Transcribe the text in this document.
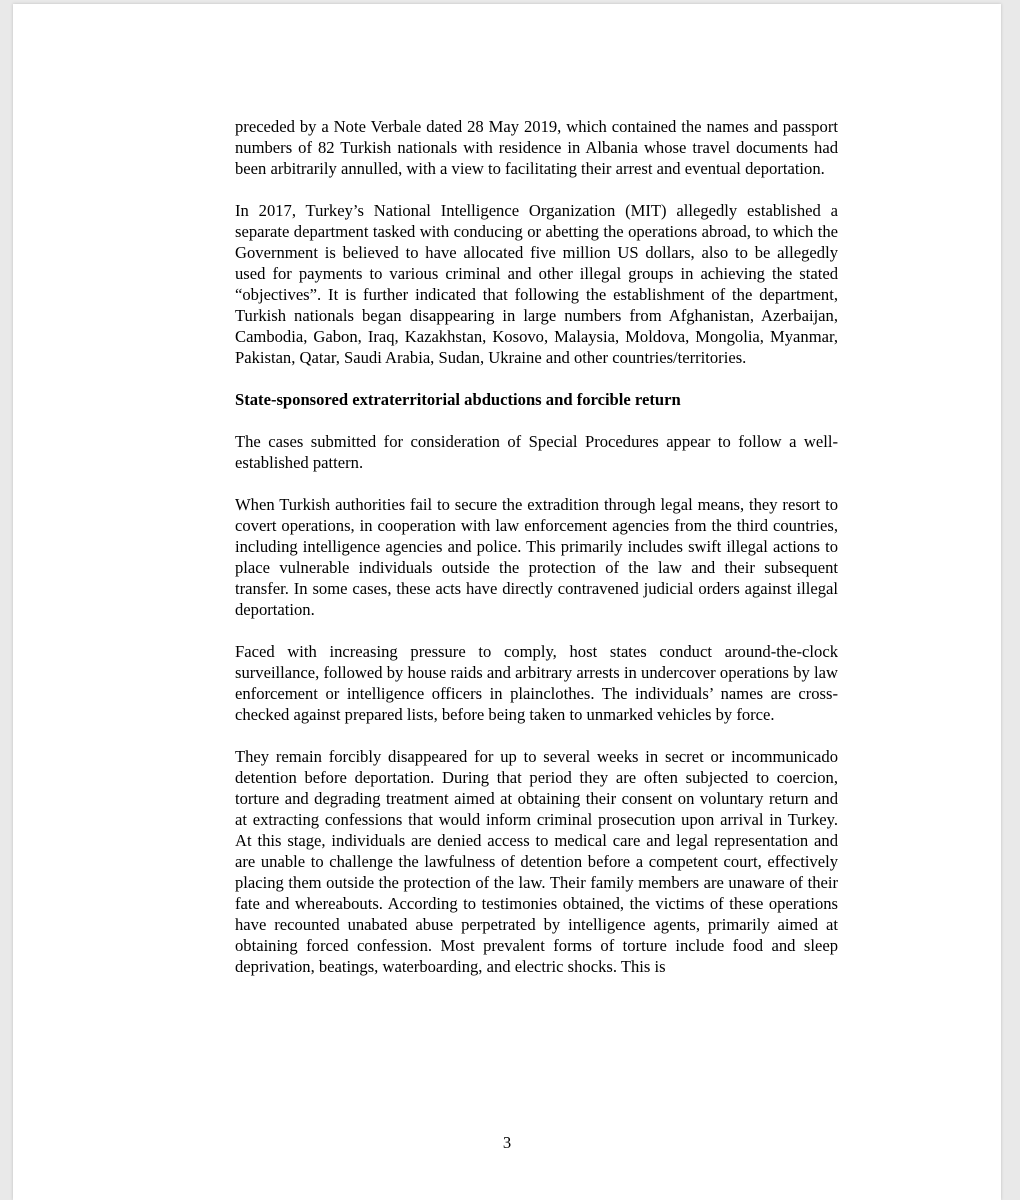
preceded by a Note Verbale dated 28 May 2019, which contained the names and passport numbers of 82 Turkish nationals with residence in Albania whose travel documents had been arbitrarily annulled, with a view to facilitating their arrest and eventual deportation.

In 2017, Turkey’s National Intelligence Organization (MIT) allegedly established a separate department tasked with conducing or abetting the operations abroad, to which the Government is believed to have allocated five million US dollars, also to be allegedly used for payments to various criminal and other illegal groups in achieving the stated “objectives”. It is further indicated that following the establishment of the department, Turkish nationals began disappearing in large numbers from Afghanistan, Azerbaijan, Cambodia, Gabon, Iraq, Kazakhstan, Kosovo, Malaysia, Moldova, Mongolia, Myanmar, Pakistan, Qatar, Saudi Arabia, Sudan, Ukraine and other countries/territories.

State-sponsored extraterritorial abductions and forcible return

The cases submitted for consideration of Special Procedures appear to follow a well-established pattern.

When Turkish authorities fail to secure the extradition through legal means, they resort to covert operations, in cooperation with law enforcement agencies from the third countries, including intelligence agencies and police. This primarily includes swift illegal actions to place vulnerable individuals outside the protection of the law and their subsequent transfer. In some cases, these acts have directly contravened judicial orders against illegal deportation.

Faced with increasing pressure to comply, host states conduct around-the-clock surveillance, followed by house raids and arbitrary arrests in undercover operations by law enforcement or intelligence officers in plainclothes. The individuals’ names are cross-checked against prepared lists, before being taken to unmarked vehicles by force.

They remain forcibly disappeared for up to several weeks in secret or incommunicado detention before deportation. During that period they are often subjected to coercion, torture and degrading treatment aimed at obtaining their consent on voluntary return and at extracting confessions that would inform criminal prosecution upon arrival in Turkey. At this stage, individuals are denied access to medical care and legal representation and are unable to challenge the lawfulness of detention before a competent court, effectively placing them outside the protection of the law. Their family members are unaware of their fate and whereabouts. According to testimonies obtained, the victims of these operations have recounted unabated abuse perpetrated by intelligence agents, primarily aimed at obtaining forced confession. Most prevalent forms of torture include food and sleep deprivation, beatings, waterboarding, and electric shocks. This is

3
